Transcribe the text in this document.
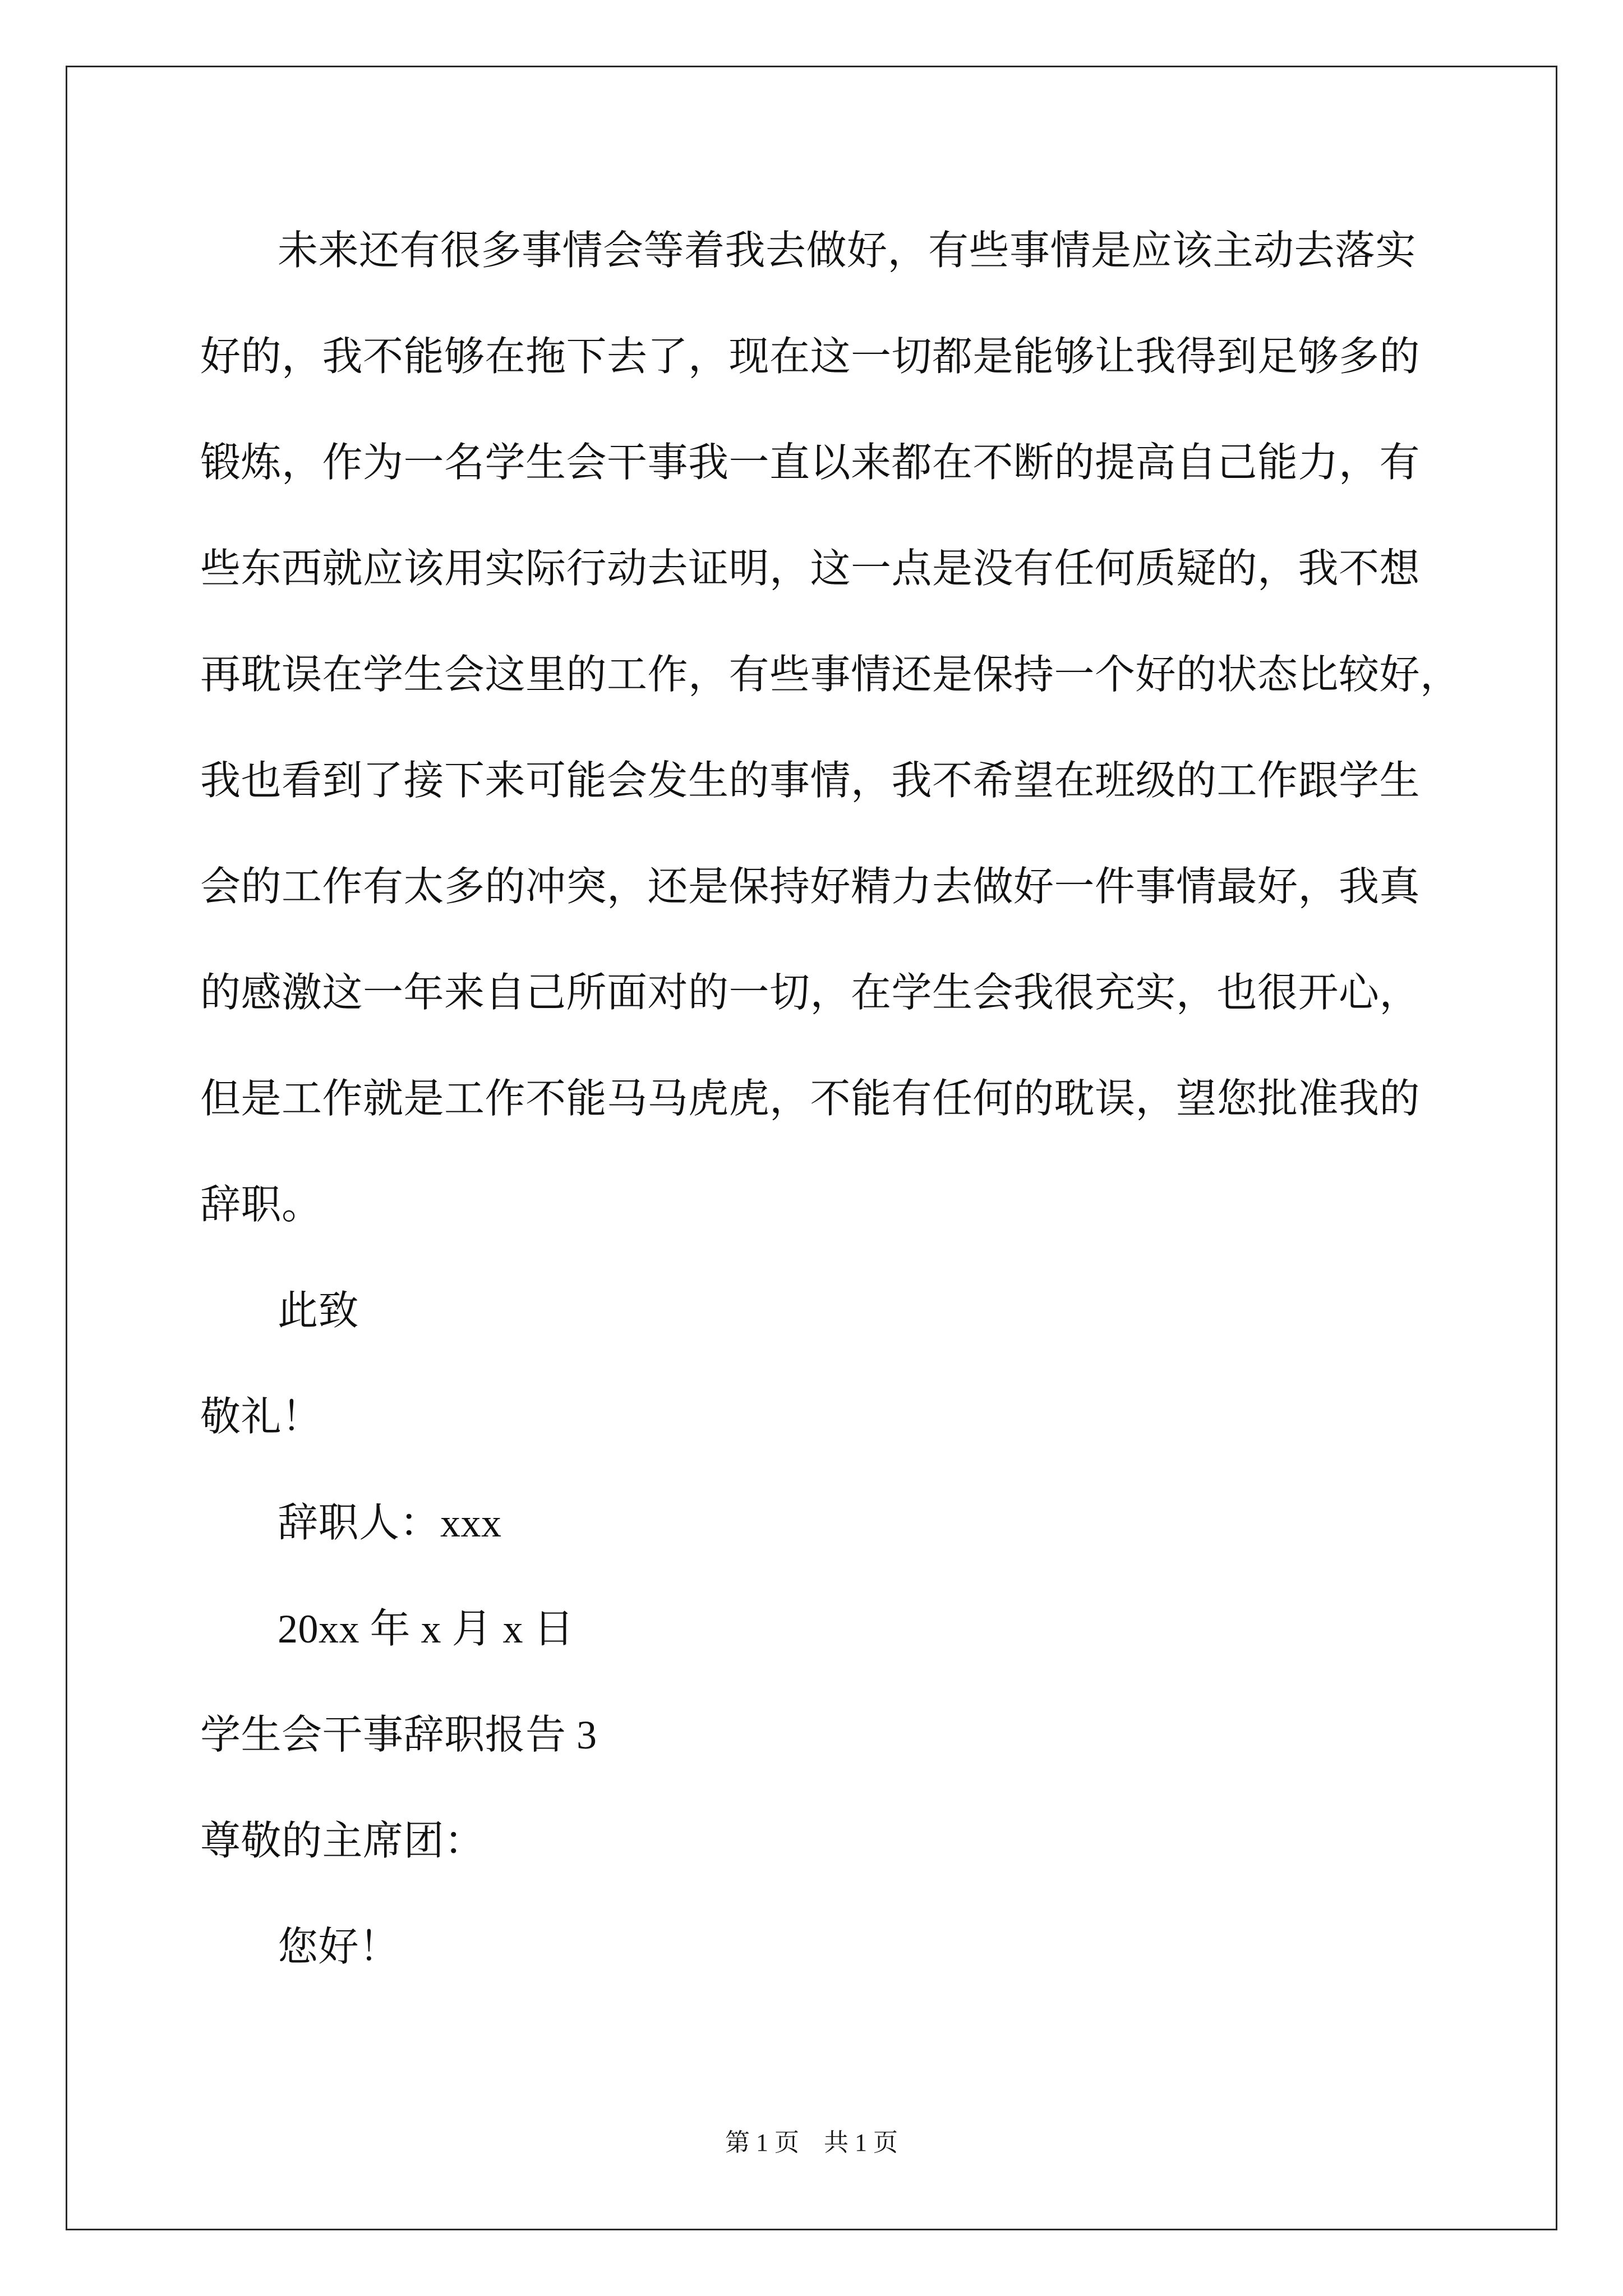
未来还有很多事情会等着我去做好，有些事情是应该主动去落实
好的，我不能够在拖下去了，现在这一切都是能够让我得到足够多的
锻炼，作为一名学生会干事我一直以来都在不断的提高自己能力，有
些东西就应该用实际行动去证明，这一点是没有任何质疑的，我不想
再耽误在学生会这里的工作，有些事情还是保持一个好的状态比较好，
我也看到了接下来可能会发生的事情，我不希望在班级的工作跟学生
会的工作有太多的冲突，还是保持好精力去做好一件事情最好，我真
的感激这一年来自己所面对的一切，在学生会我很充实，也很开心，
但是工作就是工作不能马马虎虎，不能有任何的耽误，望您批准我的
辞职。
此致
敬礼！
辞职人：xxx
20xx 年 x 月 x 日
学生会干事辞职报告 3
尊敬的主席团：
您好！
第 1 页　共 1 页
